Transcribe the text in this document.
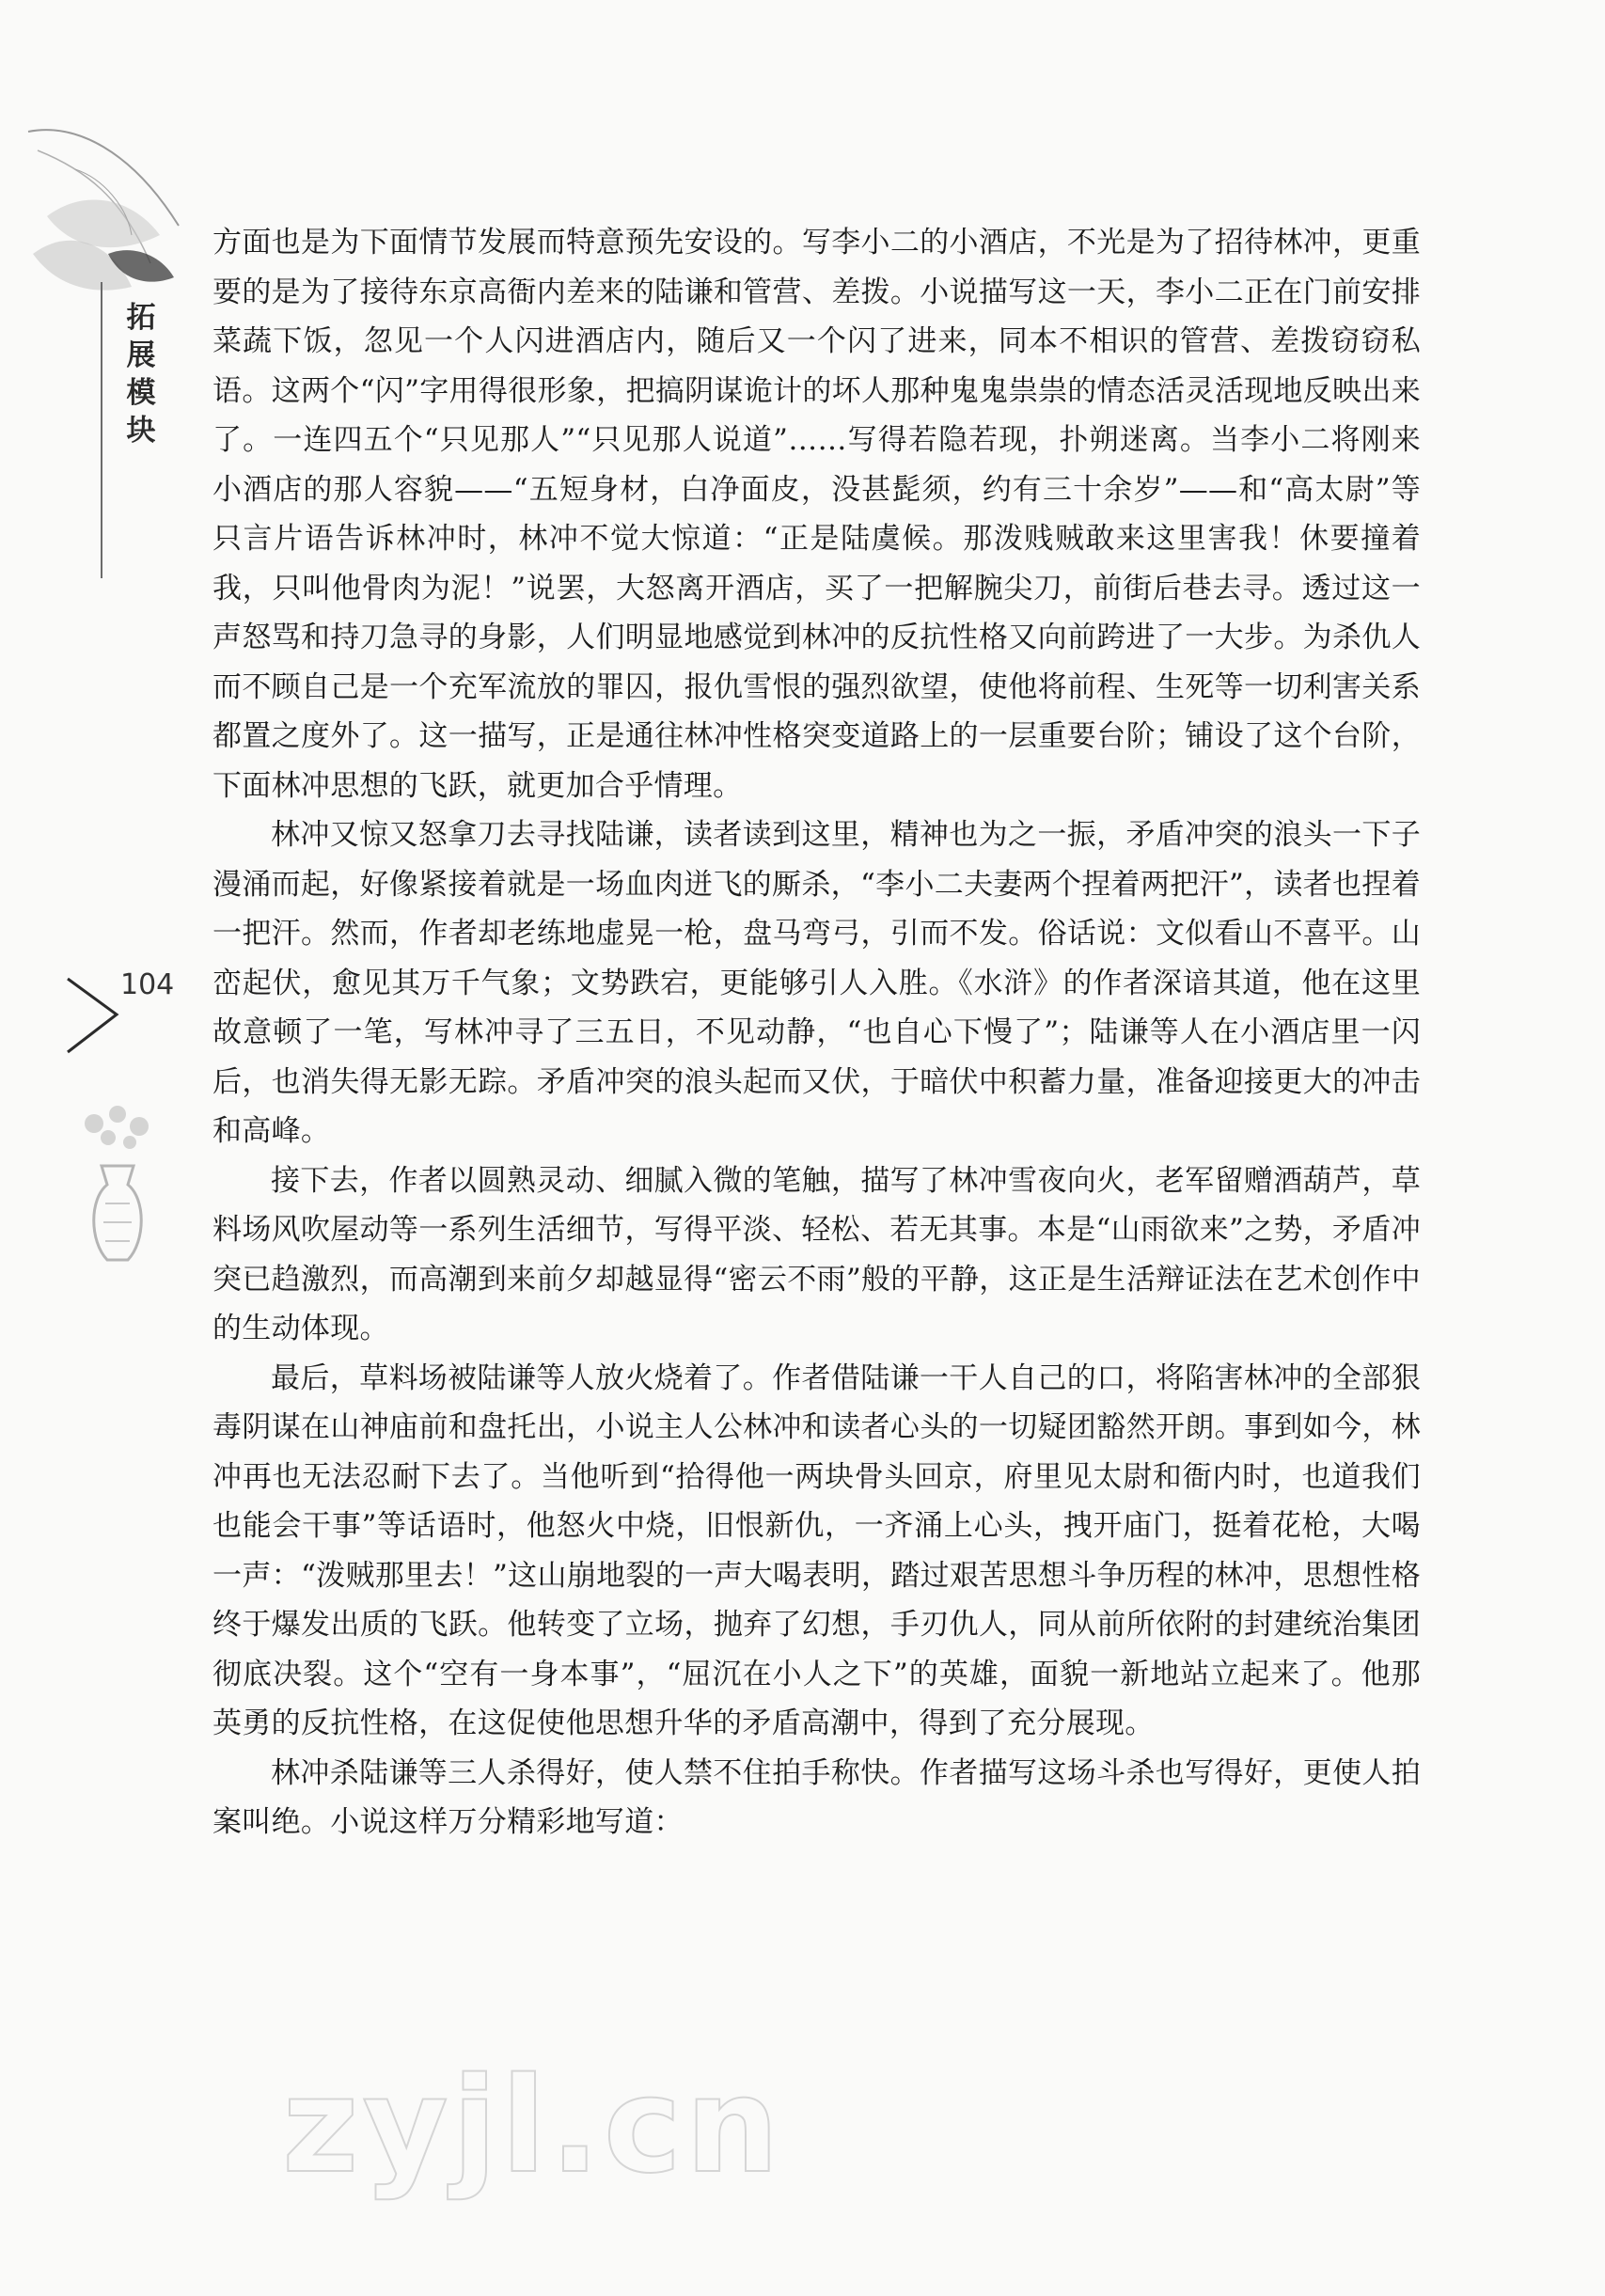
拓展模块
104

方面也是为下面情节发展而特意预先安设的。写李小二的小酒店，不光是为了招待林冲，更重要的是为了接待东京高衙内差来的陆谦和管营、差拨。小说描写这一天，李小二正在门前安排菜蔬下饭，忽见一个人闪进酒店内，随后又一个闪了进来，同本不相识的管营、差拨窃窃私语。这两个“闪”字用得很形象，把搞阴谋诡计的坏人那种鬼鬼祟祟的情态活灵活现地反映出来了。一连四五个“只见那人”“只见那人说道”……写得若隐若现，扑朔迷离。当李小二将刚来小酒店的那人容貌——“五短身材，白净面皮，没甚髭须，约有三十余岁”——和“高太尉”等只言片语告诉林冲时，林冲不觉大惊道：“正是陆虞候。那泼贱贼敢来这里害我！休要撞着我，只叫他骨肉为泥！”说罢，大怒离开酒店，买了一把解腕尖刀，前街后巷去寻。透过这一声怒骂和持刀急寻的身影，人们明显地感觉到林冲的反抗性格又向前跨进了一大步。为杀仇人而不顾自己是一个充军流放的罪囚，报仇雪恨的强烈欲望，使他将前程、生死等一切利害关系都置之度外了。这一描写，正是通往林冲性格突变道路上的一层重要台阶；铺设了这个台阶，下面林冲思想的飞跃，就更加合乎情理。

林冲又惊又怒拿刀去寻找陆谦，读者读到这里，精神也为之一振，矛盾冲突的浪头一下子漫涌而起，好像紧接着就是一场血肉迸飞的厮杀，“李小二夫妻两个捏着两把汗”，读者也捏着一把汗。然而，作者却老练地虚晃一枪，盘马弯弓，引而不发。俗话说：文似看山不喜平。山峦起伏，愈见其万千气象；文势跌宕，更能够引人入胜。《水浒》的作者深谙其道，他在这里故意顿了一笔，写林冲寻了三五日，不见动静，“也自心下慢了”；陆谦等人在小酒店里一闪后，也消失得无影无踪。矛盾冲突的浪头起而又伏，于暗伏中积蓄力量，准备迎接更大的冲击和高峰。

接下去，作者以圆熟灵动、细腻入微的笔触，描写了林冲雪夜向火，老军留赠酒葫芦，草料场风吹屋动等一系列生活细节，写得平淡、轻松、若无其事。本是“山雨欲来”之势，矛盾冲突已趋激烈，而高潮到来前夕却越显得“密云不雨”般的平静，这正是生活辩证法在艺术创作中的生动体现。

最后，草料场被陆谦等人放火烧着了。作者借陆谦一干人自己的口，将陷害林冲的全部狠毒阴谋在山神庙前和盘托出，小说主人公林冲和读者心头的一切疑团豁然开朗。事到如今，林冲再也无法忍耐下去了。当他听到“拾得他一两块骨头回京，府里见太尉和衙内时，也道我们也能会干事”等话语时，他怒火中烧，旧恨新仇，一齐涌上心头，拽开庙门，挺着花枪，大喝一声：“泼贼那里去！”这山崩地裂的一声大喝表明，踏过艰苦思想斗争历程的林冲，思想性格终于爆发出质的飞跃。他转变了立场，抛弃了幻想，手刃仇人，同从前所依附的封建统治集团彻底决裂。这个“空有一身本事”，“屈沉在小人之下”的英雄，面貌一新地站立起来了。他那英勇的反抗性格，在这促使他思想升华的矛盾高潮中，得到了充分展现。

林冲杀陆谦等三人杀得好，使人禁不住拍手称快。作者描写这场斗杀也写得好，更使人拍案叫绝。小说这样万分精彩地写道：

zyjl.cn
